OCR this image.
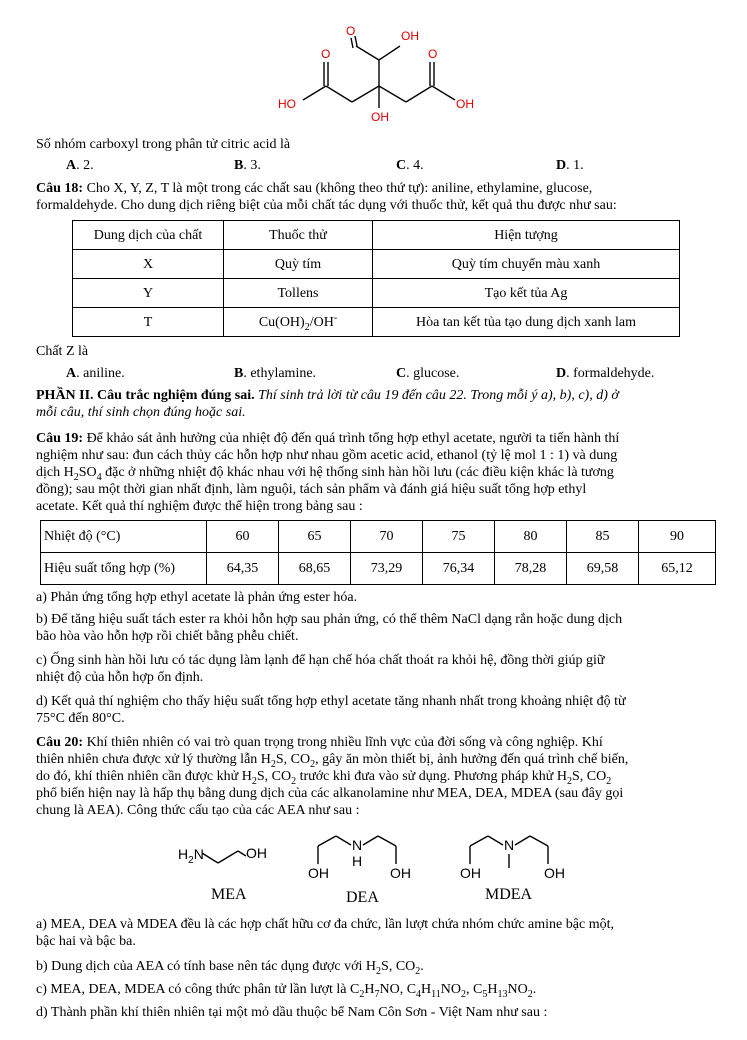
O	OH
O	O
HO	OH
OH
Số nhóm carboxyl trong phân tử citric acid là
A. 2.	B. 3.	C. 4.	D. 1.
Câu 18: Cho X, Y, Z, T là một trong các chất sau (không theo thứ tự): aniline, ethylamine, glucose,
formaldehyde. Cho dung dịch riêng biệt của mỗi chất tác dụng với thuốc thử, kết quả thu được như sau:
Dung dịch của chất	Thuốc thử	Hiện tượng
X	Quỳ tím	Quỳ tím chuyển màu xanh
Y	Tollens	Tạo kết tủa Ag
T	$Cu(OH)_2/OH^-$	Hòa tan kết tủa tạo dung dịch xanh lam
Chất Z là
A. aniline.	B. ethylamine.	C. glucose.	D. formaldehyde.
PHẦN II. Câu trắc nghiệm đúng sai. Thí sinh trả lời từ câu 19 đến câu 22. Trong mỗi ý a), b), c), d) ở
mỗi câu, thí sinh chọn đúng hoặc sai.
Câu 19: Để khảo sát ảnh hưởng của nhiệt độ đến quá trình tổng hợp ethyl acetate, người ta tiến hành thí
nghiệm như sau: đun cách thủy các hỗn hợp như nhau gồm acetic acid, ethanol (tỷ lệ mol 1 : 1) và dung
dịch $H_2SO_4$ đặc ở những nhiệt độ khác nhau với hệ thống sinh hàn hồi lưu (các điều kiện khác là tương
đồng); sau một thời gian nhất định, làm nguội, tách sản phẩm và đánh giá hiệu suất tổng hợp ethyl
acetate. Kết quả thí nghiệm được thể hiện trong bảng sau :
Nhiệt độ (°C)	60	65	70	75	80	85	90
Hiệu suất tổng hợp (%)	64,35	68,65	73,29	76,34	78,28	69,58	65,12
a) Phản ứng tổng hợp ethyl acetate là phản ứng ester hóa.
b) Để tăng hiệu suất tách ester ra khỏi hỗn hợp sau phản ứng, có thể thêm NaCl dạng rắn hoặc dung dịch
bão hòa vào hỗn hợp rồi chiết bằng phễu chiết.
c) Ống sinh hàn hồi lưu có tác dụng làm lạnh để hạn chế hóa chất thoát ra khỏi hệ, đồng thời giúp giữ
nhiệt độ của hỗn hợp ổn định.
d) Kết quả thí nghiệm cho thấy hiệu suất tổng hợp ethyl acetate tăng nhanh nhất trong khoảng nhiệt độ từ
75°C đến 80°C.
Câu 20: Khí thiên nhiên có vai trò quan trọng trong nhiều lĩnh vực của đời sống và công nghiệp. Khí
thiên nhiên chưa được xử lý thường lẫn $H_2S$, $CO_2$, gây ăn mòn thiết bị, ảnh hưởng đến quá trình chế biến,
do đó, khí thiên nhiên cần được khử $H_2S$, $CO_2$ trước khi đưa vào sử dụng. Phương pháp khử $H_2S$, $CO_2$
phổ biến hiện nay là hấp thụ bằng dung dịch của các alkanolamine như MEA, DEA, MDEA (sau đây gọi
chung là AEA). Công thức cấu tạo của các AEA như sau :
$H_2N$	OH
OH
N
H
OH	OH
N
OH
MEA	DEA	MDEA
a) MEA, DEA và MDEA đều là các hợp chất hữu cơ đa chức, lần lượt chứa nhóm chức amine bậc một,
bậc hai và bậc ba.
b) Dung dịch của AEA có tính base nên tác dụng được với $H_2S$, $CO_2$.
c) MEA, DEA, MDEA có công thức phân tử lần lượt là $C_2H_7NO$, $C_4H_{11}NO_2$, $C_5H_{13}NO_2$.
d) Thành phần khí thiên nhiên tại một mỏ dầu thuộc bể Nam Côn Sơn - Việt Nam như sau :
